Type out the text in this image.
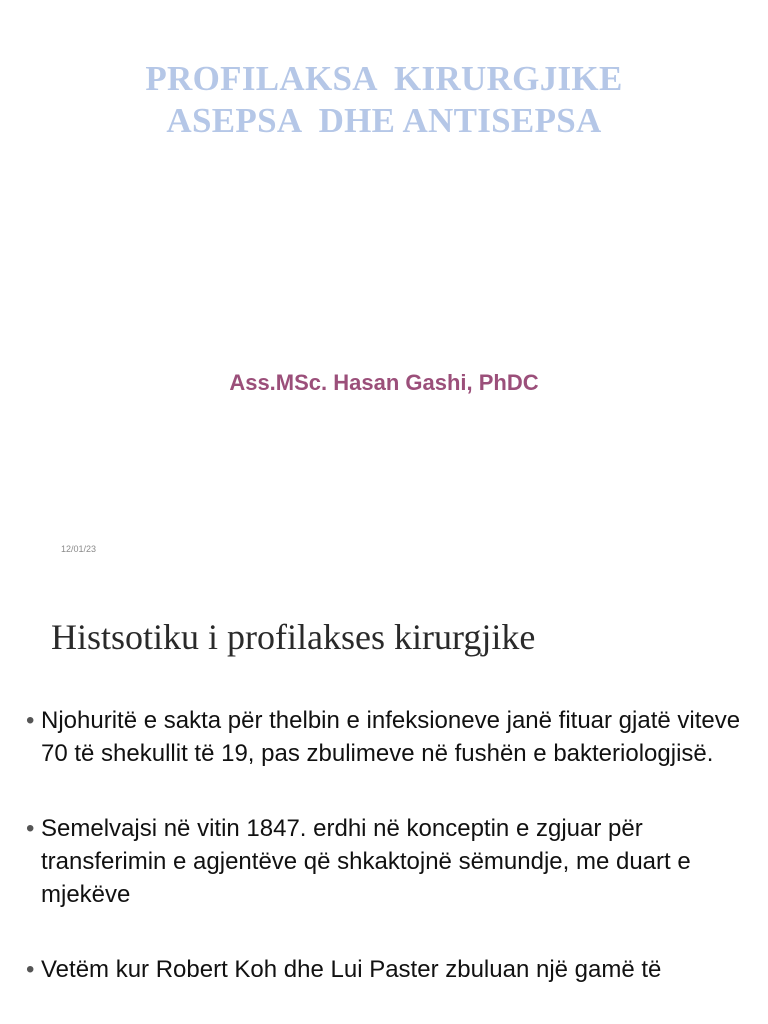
PROFILAKSA  KIRURGJIKE
ASEPSA  DHE ANTISEPSA
Ass.MSc. Hasan Gashi, PhDC
12/01/23
Histsotiku i profilakses kirurgjike
• Njohuritë e sakta për thelbin e infeksioneve janë fituar gjatë viteve 70 të shekullit të 19, pas zbulimeve në fushën e bakteriologjisë.
• Semelvajsi në vitin 1847. erdhi në konceptin e zgjuar për transferimin e agjentëve që shkaktojnë sëmundje, me duart e mjekëve
• Vetëm kur Robert Koh dhe Lui Paster zbuluan një gamë të
